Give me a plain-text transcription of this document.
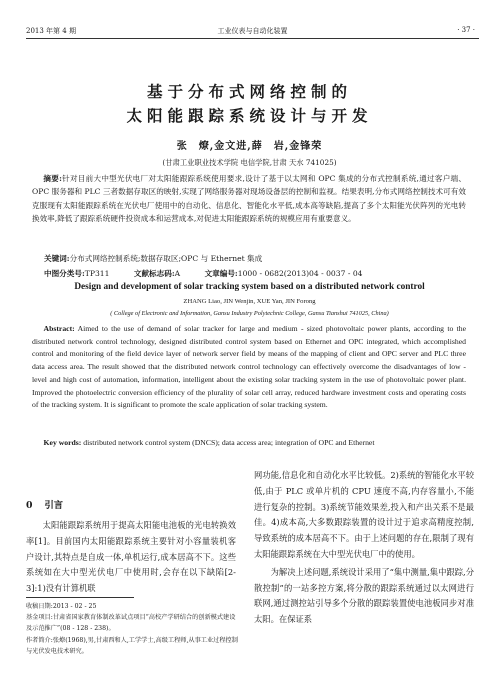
2013 年第 4 期	工业仪表与自动化装置	· 37 ·
基于分布式网络控制的
太阳能跟踪系统设计与开发
张　燎,金文进,薛　岩,金锋荣
(甘肃工业职业技术学院 电信学院,甘肃 天水 741025)
摘要:针对目前大中型光伏电厂对太阳能跟踪系统使用要求,设计了基于以太网和 OPC 集成的分布式控制系统,通过客户端、OPC 服务器和 PLC 三者数据存取区的映射,实现了网络服务器对现场设备层的控制和监视。结果表明,分布式网络控制技术可有效克服现有太阳能跟踪系统在光伏电厂使用中的自动化、信息化、智能化水平低,成本高等缺陷,提高了多个太阳能光伏阵列的光电转换效率,降低了跟踪系统硬件投资成本和运营成本,对促进太阳能跟踪系统的规模应用有重要意义。
关键词:分布式网络控制系统;数据存取区;OPC 与 Ethernet 集成
中图分类号:TP311	文献标志码:A	文章编号:1000 - 0682(2013)04 - 0037 - 04
Design and development of solar tracking system based on a distributed network control
ZHANG Liao, JIN Wenjin, XUE Yan, JIN Forong
( College of Electronic and Information, Gansu Industry Polytechnic College, Gansu Tianshui 741025, China)
Abstract: Aimed to the use of demand of solar tracker for large and medium - sized photovoltaic power plants, according to the distributed network control technology, designed distributed control system based on Ethernet and OPC integrated, which accomplished control and monitoring of the field device layer of network server field by means of the mapping of client and OPC server and PLC three data access area. The result showed that the distributed network control technology can effectively overcome the disadvantages of low - level and high cost of automation, information, intelligent about the existing solar tracking system in the use of photovoltaic power plant. Improved the photoelectric conversion efficiency of the plurality of solar cell array, reduced hardware investment costs and operating costs of the tracking system. It is significant to promote the scale application of solar tracking system.
Key words: distributed network control system (DNCS); data access area; integration of OPC and Ethernet
0 引言
太阳能跟踪系统用于提高太阳能电池板的光电转换效率[1]。目前国内太阳能跟踪系统主要针对小容量装机客户设计,其特点是自成一体,单机运行,成本居高不下。这些系统如在大中型光伏电厂中使用时,会存在以下缺陷[2-3]:1)没有计算机联

收稿日期:2013 - 02 - 25

基金项目:甘肃省国家教育体制改革试点项目“高校产学研结合的创新模式建设及示范推广”(08 - 128 - 238)。

作者简介:张燎(1968),男,甘肃西和人,工学学士,高级工程师,从事工业过程控制与光伏发电技术研究。

网功能,信息化和自动化水平比较低。2)系统的智能化水平较低,由于 PLC 或单片机的 CPU 速度不高,内存容量小,不能进行复杂的控制。3)系统节能效果差,投入和产出关系不是最佳。4)成本高,大多数跟踪装置的设计过于追求高精度控制,导致系统的成本居高不下。由于上述问题的存在,限制了现有太阳能跟踪系统在大中型光伏电厂中的使用。

为解决上述问题,系统设计采用了“集中测量,集中跟踪,分散控制”的一站多控方案,将分散的跟踪系统通过以太网进行联网,通过测控站引导多个分散的跟踪装置使电池板同步对准太阳。在保证系
